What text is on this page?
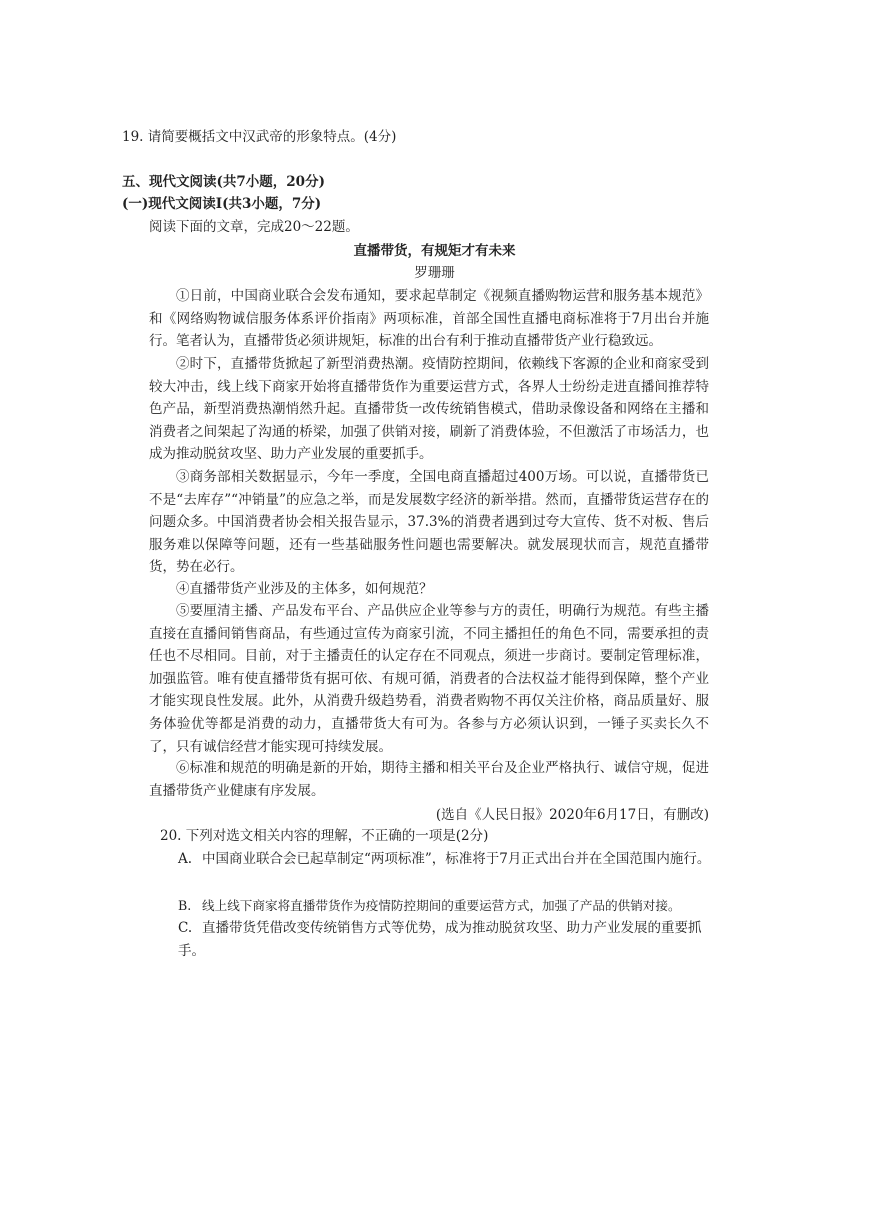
19. 请简要概括文中汉武帝的形象特点。(4分)
五、现代文阅读(共7小题，20分)
(一)现代文阅读Ⅰ(共3小题，7分)
阅读下面的文章，完成20～22题。
直播带货，有规矩才有未来
罗珊珊
①日前，中国商业联合会发布通知，要求起草制定《视频直播购物运营和服务基本规范》和《网络购物诚信服务体系评价指南》两项标准，首部全国性直播电商标准将于7月出台并施行。笔者认为，直播带货必须讲规矩，标准的出台有利于推动直播带货产业行稳致远。
②时下，直播带货掀起了新型消费热潮。疫情防控期间，依赖线下客源的企业和商家受到较大冲击，线上线下商家开始将直播带货作为重要运营方式，各界人士纷纷走进直播间推荐特色产品，新型消费热潮悄然升起。直播带货一改传统销售模式，借助录像设备和网络在主播和消费者之间架起了沟通的桥梁，加强了供销对接，刷新了消费体验，不但激活了市场活力，也成为推动脱贫攻坚、助力产业发展的重要抓手。
③商务部相关数据显示，今年一季度，全国电商直播超过400万场。可以说，直播带货已不是“去库存”“冲销量”的应急之举，而是发展数字经济的新举措。然而，直播带货运营存在的问题众多。中国消费者协会相关报告显示，37.3%的消费者遇到过夸大宣传、货不对板、售后服务难以保障等问题，还有一些基础服务性问题也需要解决。就发展现状而言，规范直播带货，势在必行。
④直播带货产业涉及的主体多，如何规范？
⑤要厘清主播、产品发布平台、产品供应企业等参与方的责任，明确行为规范。有些主播直接在直播间销售商品，有些通过宣传为商家引流，不同主播担任的角色不同，需要承担的责任也不尽相同。目前，对于主播责任的认定存在不同观点，须进一步商讨。要制定管理标准，加强监管。唯有使直播带货有据可依、有规可循，消费者的合法权益才能得到保障，整个产业才能实现良性发展。此外，从消费升级趋势看，消费者购物不再仅关注价格，商品质量好、服务体验优等都是消费的动力，直播带货大有可为。各参与方必须认识到，一锤子买卖长久不了，只有诚信经营才能实现可持续发展。
⑥标准和规范的明确是新的开始，期待主播和相关平台及企业严格执行、诚信守规，促进直播带货产业健康有序发展。
(选自《人民日报》2020年6月17日，有删改)
20. 下列对选文相关内容的理解，不正确的一项是(2分)
A. 中国商业联合会已起草制定“两项标准”，标准将于7月正式出台并在全国范围内施行。
B. 线上线下商家将直播带货作为疫情防控期间的重要运营方式，加强了产品的供销对接。
C. 直播带货凭借改变传统销售方式等优势，成为推动脱贫攻坚、助力产业发展的重要抓手。
